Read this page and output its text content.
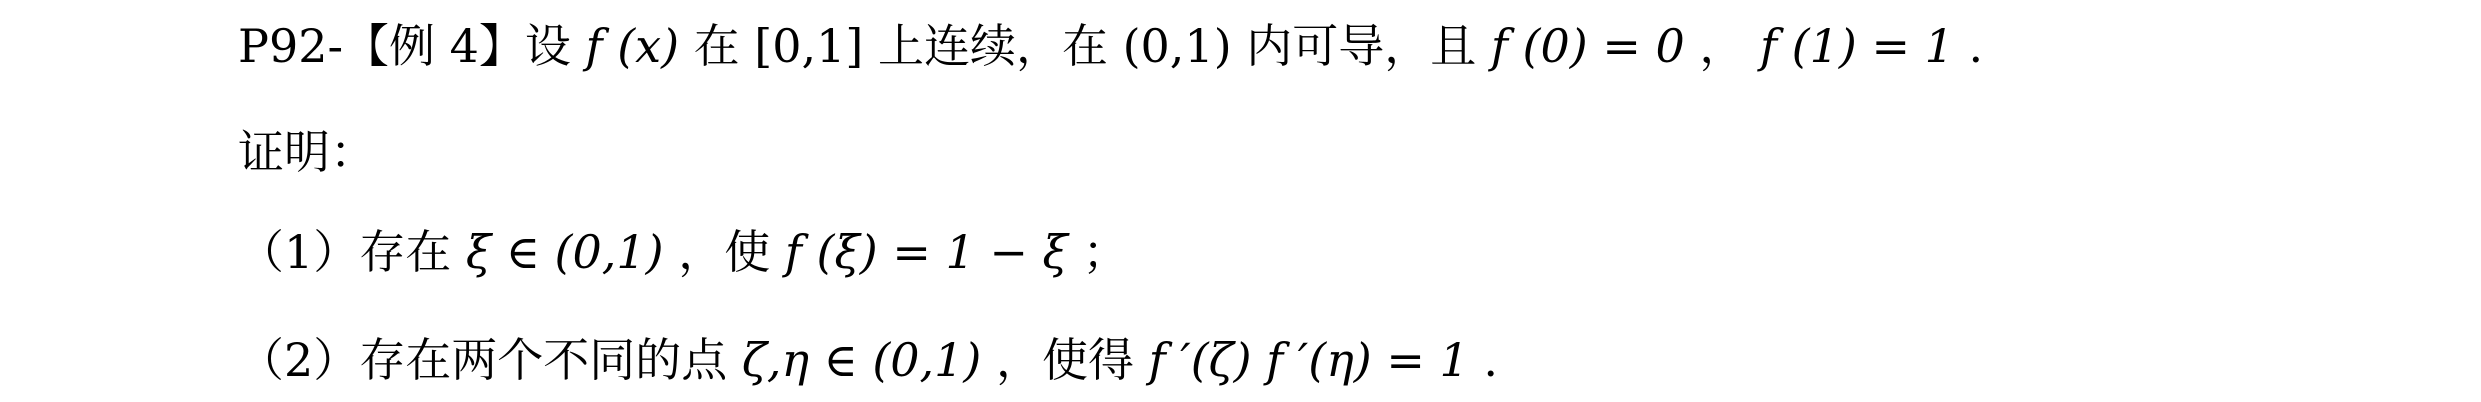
P92-【例 4】设 f (x) 在 [0,1] 上连续，在 (0,1) 内可导，且 f (0) = 0 ， f (1) = 1 .
证明：
（1）存在 ξ ∈ (0,1) ，使 f (ξ) = 1 − ξ ；
（2）存在两个不同的点 ζ,η ∈ (0,1) ，使得 f ′(ζ) f ′(η) = 1 .
